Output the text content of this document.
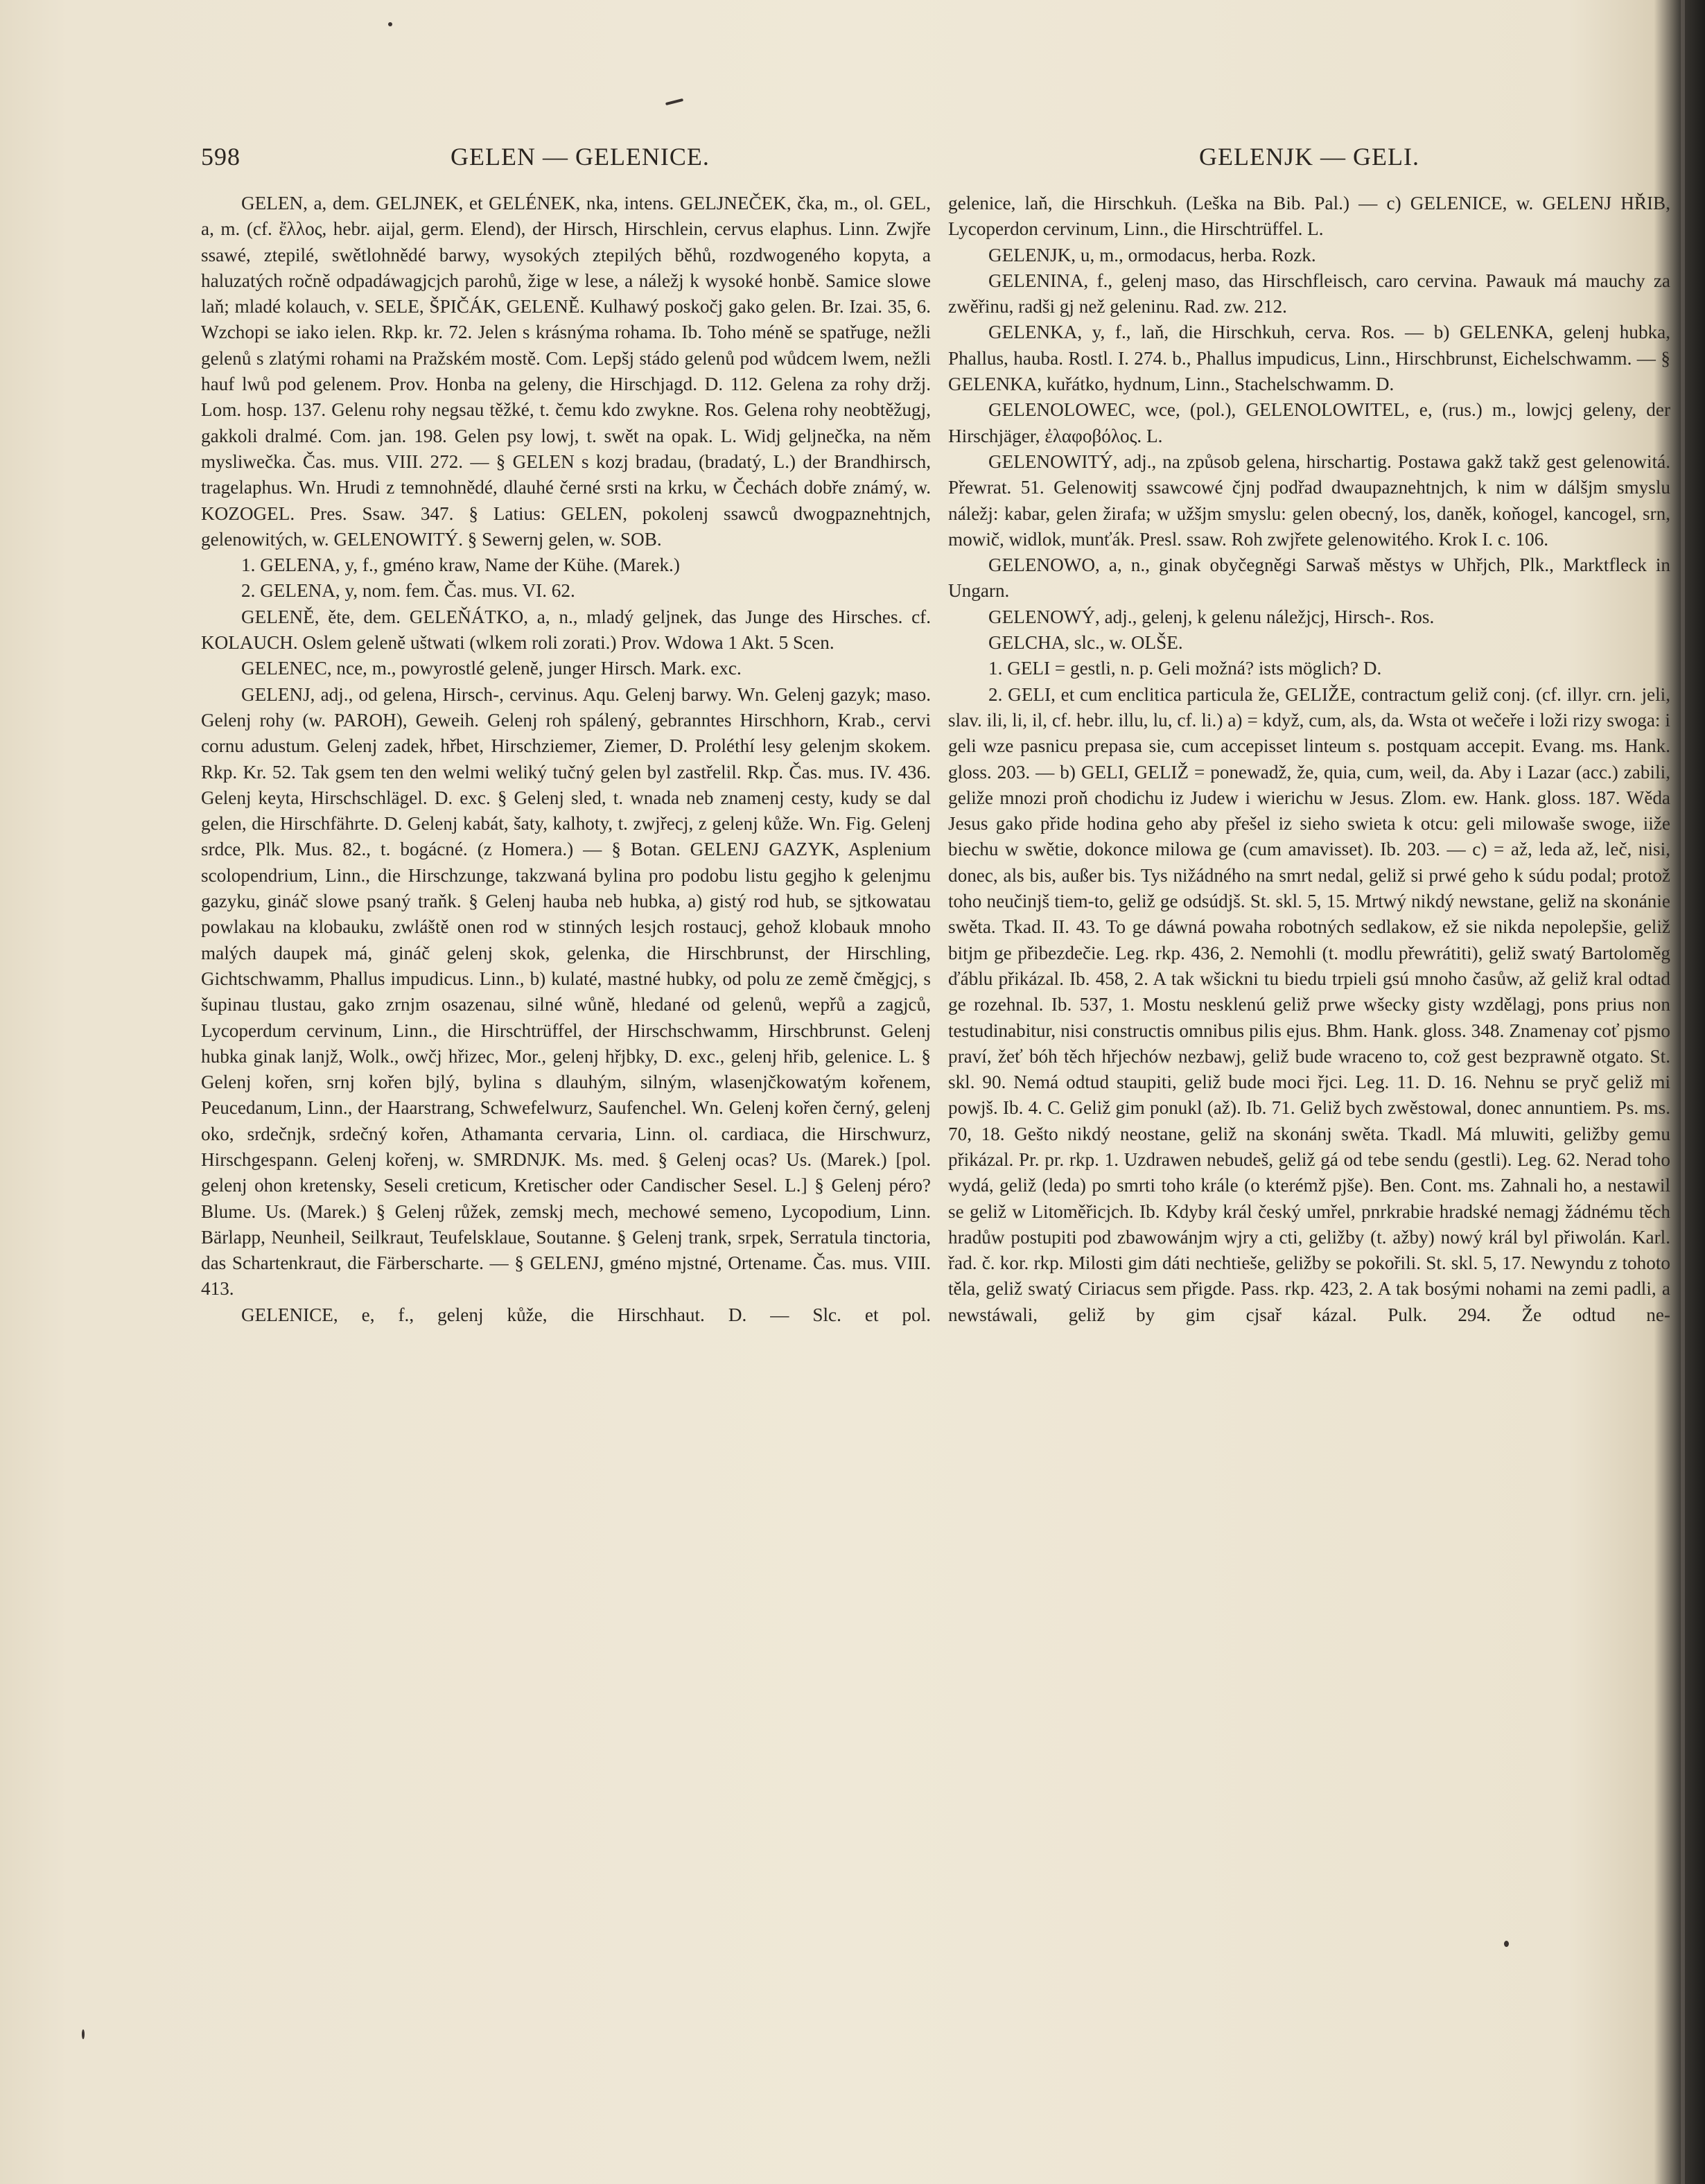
598	GELEN — GELENICE.	GELENJK — GELI.

GELEN, a, dem. GELJNEK, et GELÉNEK, nka, intens. GELJNEČEK, čka, m., ol. GEL, a, m. (cf. ἔλλος, hebr. aijal, germ. Elend), der Hirsch, Hirschlein, cervus elaphus. Linn. Zwjře ssawé, ztepilé, swětlohnědé barwy, wysokých ztepilých běhů, rozdwogeného kopyta, a haluzatých ročně odpadáwagjcjch parohů, žige w lese, a náležj k wysoké honbě. Samice slowe laň; mladé kolauch, v. SELE, ŠPIČÁK, GELENĚ. Kulhawý poskočj gako gelen. Br. Izai. 35, 6. Wzchopi se iako ielen. Rkp. kr. 72. Jelen s krásnýma rohama. Ib. Toho méně se spatřuge, nežli gelenů s zlatými rohami na Pražském mostě. Com. Lepšj stádo gelenů pod wůdcem lwem, nežli hauf lwů pod gelenem. Prov. Honba na geleny, die Hirschjagd. D. 112. Gelena za rohy držj. Lom. hosp. 137. Gelenu rohy negsau těžké, t. čemu kdo zwykne. Ros. Gelena rohy neobtěžugj, gakkoli dralmé. Com. jan. 198. Gelen psy lowj, t. swět na opak. L. Widj geljnečka, na něm mysliwečka. Čas. mus. VIII. 272. — § GELEN s kozj bradau, (bradatý, L.) der Brandhirsch, tragelaphus. Wn. Hrudi z temnohnědé, dlauhé černé srsti na krku, w Čechách dobře známý, w. KOZOGEL. Pres. Ssaw. 347. § Latius: GELEN, pokolenj ssawců dwogpaznehtnjch, gelenowitých, w. GELENOWITÝ. § Sewernj gelen, w. SOB.

1. GELENA, y, f., gméno kraw, Name der Kühe. (Marek.)

2. GELENA, y, nom. fem. Čas. mus. VI. 62.

GELENĚ, ěte, dem. GELEŇÁTKO, a, n., mladý geljnek, das Junge des Hirsches. cf. KOLAUCH. Oslem geleně uštwati (wlkem roli zorati.) Prov. Wdowa 1 Akt. 5 Scen.

GELENEC, nce, m., powyrostlé geleně, junger Hirsch. Mark. exc.

GELENJ, adj., od gelena, Hirsch-, cervinus. Aqu. Gelenj barwy. Wn. Gelenj gazyk; maso. Gelenj rohy (w. PAROH), Geweih. Gelenj roh spálený, gebranntes Hirschhorn, Krab., cervi cornu adustum. Gelenj zadek, hřbet, Hirschziemer, Ziemer, D. Proléthí lesy gelenjm skokem. Rkp. Kr. 52. Tak gsem ten den welmi weliký tučný gelen byl zastřelil. Rkp. Čas. mus. IV. 436. Gelenj keyta, Hirschschlägel. D. exc. § Gelenj sled, t. wnada neb znamenj cesty, kudy se dal gelen, die Hirschfährte. D. Gelenj kabát, šaty, kalhoty, t. zwjřecj, z gelenj kůže. Wn. Fig. Gelenj srdce, Plk. Mus. 82., t. bogácné. (z Homera.) — § Botan. GELENJ GAZYK, Asplenium scolopendrium, Linn., die Hirschzunge, takzwaná bylina pro podobu listu gegjho k gelenjmu gazyku, gináč slowe psaný traňk. § Gelenj hauba neb hubka, a) gistý rod hub, se sjtkowatau powlakau na klobauku, zwláště onen rod w stinných lesjch rostaucj, gehož klobauk mnoho malých daupek má, gináč gelenj skok, gelenka, die Hirschbrunst, der Hirschling, Gichtschwamm, Phallus impudicus. Linn., b) kulaté, mastné hubky, od polu ze země čměgjcj, s šupinau tlustau, gako zrnjm osazenau, silné wůně, hledané od gelenů, wepřů a zagjců, Lycoperdum cervinum, Linn., die Hirschtrüffel, der Hirschschwamm, Hirschbrunst. Gelenj hubka ginak lanjž, Wolk., owčj hřizec, Mor., gelenj hřjbky, D. exc., gelenj hřib, gelenice. L. § Gelenj kořen, srnj kořen bjlý, bylina s dlauhým, silným, wlasenjčkowatým kořenem, Peucedanum, Linn., der Haarstrang, Schwefelwurz, Saufenchel. Wn. Gelenj kořen černý, gelenj oko, srdečnjk, srdečný kořen, Athamanta cervaria, Linn. ol. cardiaca, die Hirschwurz, Hirschgespann. Gelenj kořenj, w. SMRDNJK. Ms. med. § Gelenj ocas? Us. (Marek.) [pol. gelenj ohon kretensky, Seseli creticum, Kretischer oder Candischer Sesel. L.] § Gelenj péro? Blume. Us. (Marek.) § Gelenj růžek, zemskj mech, mechowé semeno, Lycopodium, Linn. Bärlapp, Neunheil, Seilkraut, Teufelsklaue, Soutanne. § Gelenj trank, srpek, Serratula tinctoria, das Schartenkraut, die Färberscharte. — § GELENJ, gméno mjstné, Ortename. Čas. mus. VIII. 413.

GELENICE, e, f., gelenj kůže, die Hirschhaut. D. — Slc. et pol.

gelenice, laň, die Hirschkuh. (Leška na Bib. Pal.) — c) GELENICE, w. GELENJ HŘIB, Lycoperdon cervinum, Linn., die Hirschtrüffel. L.

GELENJK, u, m., ormodacus, herba. Rozk.

GELENINA, f., gelenj maso, das Hirschfleisch, caro cervina. Pawauk má mauchy za zwěřinu, radši gj než geleninu. Rad. zw. 212.

GELENKA, y, f., laň, die Hirschkuh, cerva. Ros. — b) GELENKA, gelenj hubka, Phallus, hauba. Rostl. I. 274. b., Phallus impudicus, Linn., Hirschbrunst, Eichelschwamm. — § GELENKA, kuřátko, hydnum, Linn., Stachelschwamm. D.

GELENOLOWEC, wce, (pol.), GELENOLOWITEL, e, (rus.) m., lowjcj geleny, der Hirschjäger, ἐλαφοβόλος. L.

GELENOWITÝ, adj., na způsob gelena, hirschartig. Postawa gakž takž gest gelenowitá. Přewrat. 51. Gelenowitj ssawcowé čjnj podřad dwaupaznehtnjch, k nim w dálšjm smyslu náležj: kabar, gelen žirafa; w užšjm smyslu: gelen obecný, los, daněk, koňogel, kancogel, srn, mowič, widlok, munťák. Presl. ssaw. Roh zwjřete gelenowitého. Krok I. c. 106.

GELENOWO, a, n., ginak obyčegněgi Sarwaš městys w Uhřjch, Plk., Marktfleck in Ungarn.

GELENOWÝ, adj., gelenj, k gelenu náležjcj, Hirsch-. Ros.

GELCHA, slc., w. OLŠE.

1. GELI = gestli, n. p. Geli možná? ists möglich? D.

2. GELI, et cum enclitica particula že, GELIŽE, contractum geliž conj. (cf. illyr. crn. jeli, slav. ili, li, il, cf. hebr. illu, lu, cf. li.) a) = když, cum, als, da. Wsta ot wečeře i loži rizy swoga: i geli wze pasnicu prepasa sie, cum accepisset linteum s. postquam accepit. Evang. ms. Hank. gloss. 203. — b) GELI, GELIŽ = ponewadž, že, quia, cum, weil, da. Aby i Lazar (acc.) zabili, geliže mnozi proň chodichu iz Judew i wierichu w Jesus. Zlom. ew. Hank. gloss. 187. Wěda Jesus gako přide hodina geho aby přešel iz sieho swieta k otcu: geli milowaše swoge, iiže biechu w swětie, dokonce milowa ge (cum amavisset). Ib. 203. — c) = až, leda až, leč, nisi, donec, als bis, außer bis. Tys nižádného na smrt nedal, geliž si prwé geho k súdu podal; protož toho neučinjš tiem-to, geliž ge odsúdjš. St. skl. 5, 15. Mrtwý nikdý newstane, geliž na skonánie swěta. Tkad. II. 43. To ge dáwná powaha robotných sedlakow, ež sie nikda nepolepšie, geliž bitjm ge přibezdečie. Leg. rkp. 436, 2. Nemohli (t. modlu přewrátiti), geliž swatý Bartoloměg ďáblu přikázal. Ib. 458, 2. A tak wšickni tu biedu trpieli gsú mnoho časůw, až geliž kral odtad ge rozehnal. Ib. 537, 1. Mostu nesklenú geliž prwe wšecky gisty wzdělagj, pons prius non testudinabitur, nisi constructis omnibus pilis ejus. Bhm. Hank. gloss. 348. Znamenay coť pjsmo praví, žeť bóh těch hřjechów nezbawj, geliž bude wraceno to, což gest bezprawně otgato. St. skl. 90. Nemá odtud staupiti, geliž bude moci řjci. Leg. 11. D. 16. Nehnu se pryč geliž mi powjš. Ib. 4. C. Geliž gim ponukl (až). Ib. 71. Geliž bych zwěstowal, donec annuntiem. Ps. ms. 70, 18. Gešto nikdý neostane, geliž na skonánj swěta. Tkadl. Má mluwiti, geližby gemu přikázal. Pr. pr. rkp. 1. Uzdrawen nebudeš, geliž gá od tebe sendu (gestli). Leg. 62. Nerad toho wydá, geliž (leda) po smrti toho krále (o kterémž pjše). Ben. Cont. ms. Zahnali ho, a nestawil se geliž w Litoměřicjch. Ib. Kdyby král český umřel, pnrkrabie hradské nemagj žádnému těch hradůw postupiti pod zbawowánjm wjry a cti, geližby (t. ažby) nowý král byl přiwolán. Karl. řad. č. kor. rkp. Milosti gim dáti nechtieše, geližby se pokořili. St. skl. 5, 17. Newyndu z tohoto těla, geliž swatý Ciriacus sem přigde. Pass. rkp. 423, 2. A tak bosými nohami na zemi padli, a newstáwali, geliž by gim cjsař kázal. Pulk. 294. Že odtud ne-
